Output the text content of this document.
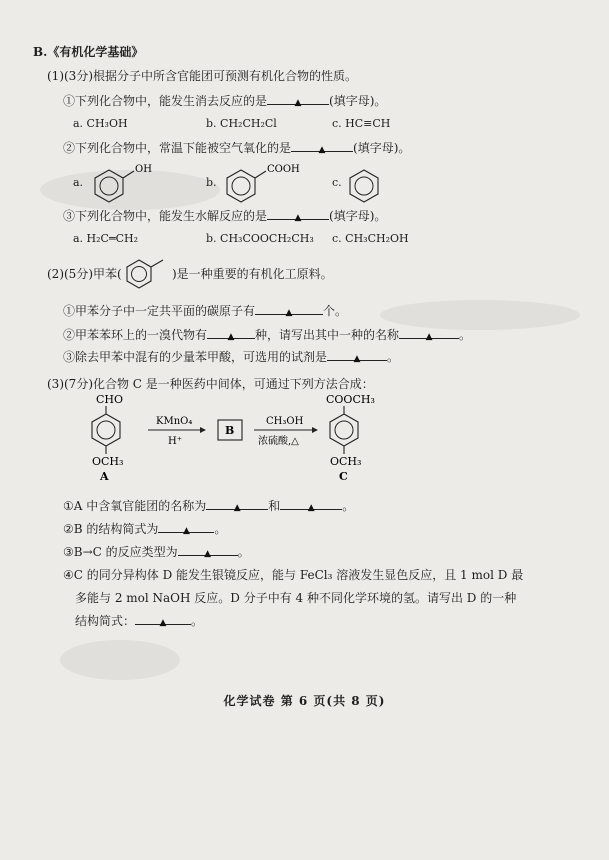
B.《有机化学基础》
(1)(3分)根据分子中所含官能团可预测有机化合物的性质。
①下列化合物中，能发生消去反应的是	▲ (填字母)。
a. CH₃OH	b. CH₂CH₂Cl	c. HC≡CH
②下列化合物中，常温下能被空气氧化的是	▲ (填字母)。
a.
OH
b.
COOH
c.
③下列化合物中，能发生水解反应的是	▲ (填字母)。
a. H₂C═CH₂	b. CH₃COOCH₂CH₃ c. CH₃CH₂OH
(2)(5分)甲苯(	)是一种重要的有机化工原料。
①甲苯分子中一定共平面的碳原子有	▲	个。
②甲苯苯环上的一溴代物有 ▲ 种，请写出其中一种的名称	▲ 。
③除去甲苯中混有的少量苯甲酸，可选用的试剂是	▲ 。
(3)(7分)化合物 C 是一种医药中间体，可通过下列方法合成：
CHO
OCH₃
A
KMnO₄
H⁺
B
CH₃OH
浓硫酸,△
COOCH₃
OCH₃
C
①A 中含氧官能团的名称为	▲ 和	▲ 。
②B 的结构简式为	▲ 。
③B→C 的反应类型为	▲ 。
④C 的同分异构体 D 能发生银镜反应，能与 FeCl₃ 溶液发生显色反应，且 1 mol D 最
多能与 2 mol NaOH 反应。D 分子中有 4 种不同化学环境的氢。请写出 D 的一种
结构简式：	▲ 。
化学试卷 第 6 页(共 8 页)
